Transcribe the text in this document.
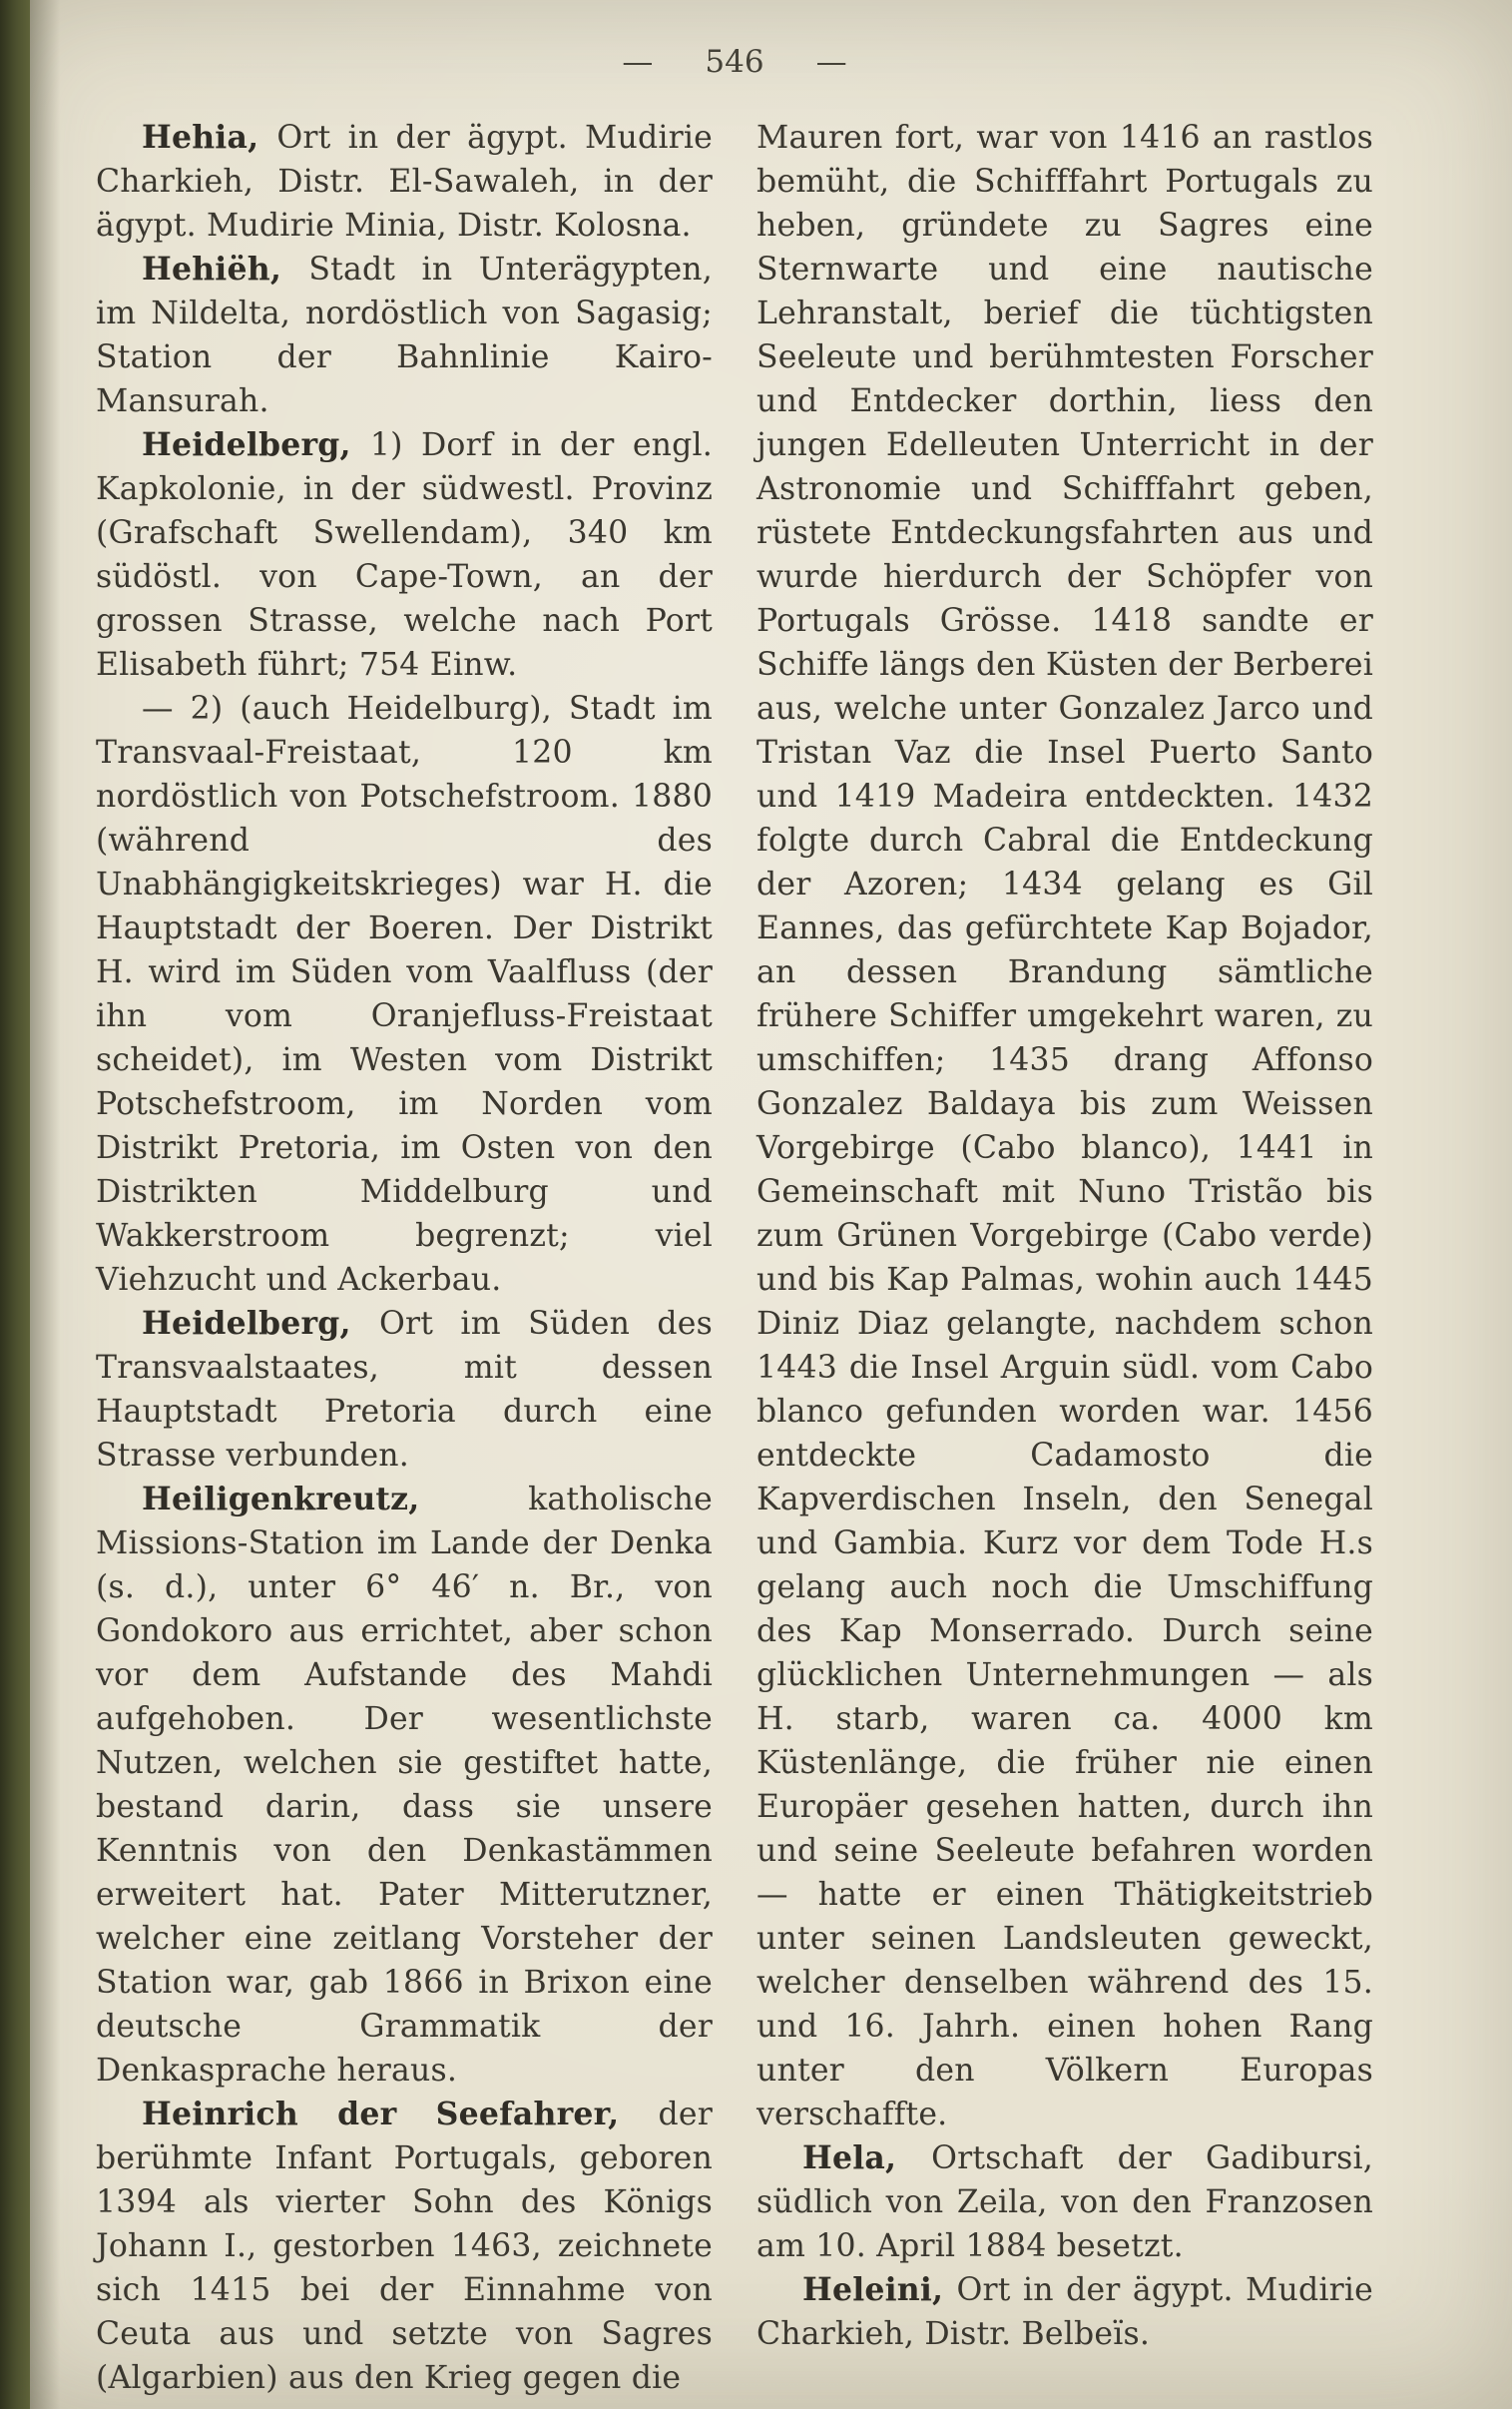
— 546 —

Hehia, Ort in der ägypt. Mudirie Charkieh, Distr. El-Sawaleh, in der ägypt. Mudirie Minia, Distr. Kolosna.

Hehiëh, Stadt in Unterägypten, im Nildelta, nordöstlich von Sagasig; Station der Bahnlinie Kairo-Mansurah.

Heidelberg, 1) Dorf in der engl. Kapkolonie, in der südwestl. Provinz (Grafschaft Swellendam), 340 km südöstl. von Cape-Town, an der grossen Strasse, welche nach Port Elisabeth führt; 754 Einw.

— 2) (auch Heidelburg), Stadt im Transvaal-Freistaat, 120 km nordöstlich von Potschefstroom. 1880 (während des Unabhängigkeitskrieges) war H. die Hauptstadt der Boeren. Der Distrikt H. wird im Süden vom Vaalfluss (der ihn vom Oranjefluss-Freistaat scheidet), im Westen vom Distrikt Potschefstroom, im Norden vom Distrikt Pretoria, im Osten von den Distrikten Middelburg und Wakkerstroom begrenzt; viel Viehzucht und Ackerbau.

Heidelberg, Ort im Süden des Transvaalstaates, mit dessen Hauptstadt Pretoria durch eine Strasse verbunden.

Heiligenkreutz, katholische Missions-Station im Lande der Denka (s. d.), unter 6° 46′ n. Br., von Gondokoro aus errichtet, aber schon vor dem Aufstande des Mahdi aufgehoben. Der wesentlichste Nutzen, welchen sie gestiftet hatte, bestand darin, dass sie unsere Kenntnis von den Denkastämmen erweitert hat. Pater Mitterutzner, welcher eine zeitlang Vorsteher der Station war, gab 1866 in Brixon eine deutsche Grammatik der Denkasprache heraus.

Heinrich der Seefahrer, der berühmte Infant Portugals, geboren 1394 als vierter Sohn des Königs Johann I., gestorben 1463, zeichnete sich 1415 bei der Einnahme von Ceuta aus und setzte von Sagres (Algarbien) aus den Krieg gegen die

Mauren fort, war von 1416 an rastlos bemüht, die Schifffahrt Portugals zu heben, gründete zu Sagres eine Sternwarte und eine nautische Lehranstalt, berief die tüchtigsten Seeleute und berühmtesten Forscher und Entdecker dorthin, liess den jungen Edelleuten Unterricht in der Astronomie und Schifffahrt geben, rüstete Entdeckungsfahrten aus und wurde hierdurch der Schöpfer von Portugals Grösse. 1418 sandte er Schiffe längs den Küsten der Berberei aus, welche unter Gonzalez Jarco und Tristan Vaz die Insel Puerto Santo und 1419 Madeira entdeckten. 1432 folgte durch Cabral die Entdeckung der Azoren; 1434 gelang es Gil Eannes, das gefürchtete Kap Bojador, an dessen Brandung sämtliche frühere Schiffer umgekehrt waren, zu umschiffen; 1435 drang Affonso Gonzalez Baldaya bis zum Weissen Vorgebirge (Cabo blanco), 1441 in Gemeinschaft mit Nuno Tristão bis zum Grünen Vorgebirge (Cabo verde) und bis Kap Palmas, wohin auch 1445 Diniz Diaz gelangte, nachdem schon 1443 die Insel Arguin südl. vom Cabo blanco gefunden worden war. 1456 entdeckte Cadamosto die Kapverdischen Inseln, den Senegal und Gambia. Kurz vor dem Tode H.s gelang auch noch die Umschiffung des Kap Monserrado. Durch seine glücklichen Unternehmungen — als H. starb, waren ca. 4000 km Küstenlänge, die früher nie einen Europäer gesehen hatten, durch ihn und seine Seeleute befahren worden — hatte er einen Thätigkeitstrieb unter seinen Landsleuten geweckt, welcher denselben während des 15. und 16. Jahrh. einen hohen Rang unter den Völkern Europas verschaffte.

Hela, Ortschaft der Gadibursi, südlich von Zeila, von den Franzosen am 10. April 1884 besetzt.

Heleini, Ort in der ägypt. Mudirie Charkieh, Distr. Belbeïs.
